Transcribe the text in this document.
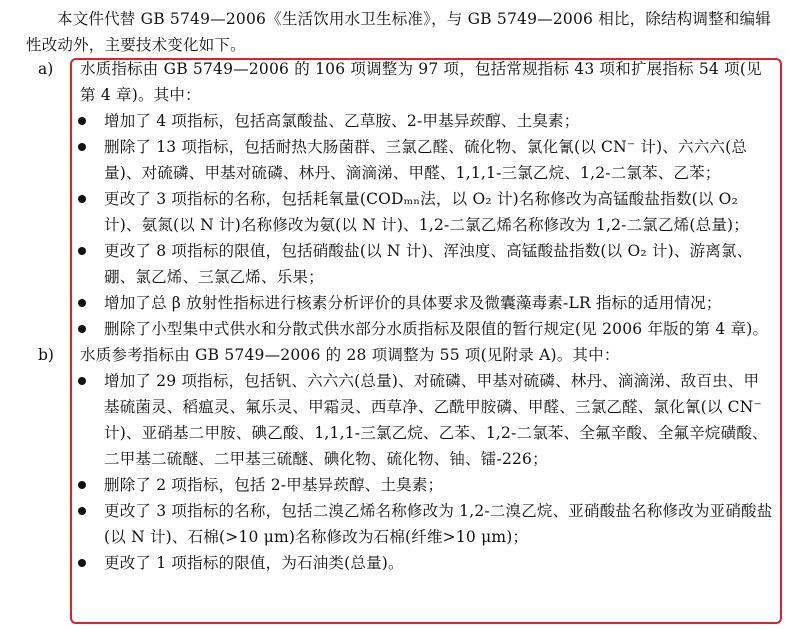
本文件代替 GB 5749—2006《生活饮用水卫生标准》，与 GB 5749—2006 相比，除结构调整和编辑性改动外，主要技术变化如下。
a)	水质指标由 GB 5749—2006 的 106 项调整为 97 项，包括常规指标 43 项和扩展指标 54 项(见第 4 章)。其中：
增加了 4 项指标，包括高氯酸盐、乙草胺、2-甲基异莰醇、土臭素；
删除了 13 项指标，包括耐热大肠菌群、三氯乙醛、硫化物、氯化氰(以 CN⁻ 计)、六六六(总量)、对硫磷、甲基对硫磷、林丹、滴滴涕、甲醛、1,1,1-三氯乙烷、1,2-二氯苯、乙苯；
更改了 3 项指标的名称，包括耗氧量(CODₘₙ法，以 O₂ 计)名称修改为高锰酸盐指数(以 O₂ 计)、氨氮(以 N 计)名称修改为氨(以 N 计)、1,2-二氯乙烯名称修改为 1,2-二氯乙烯(总量)；
更改了 8 项指标的限值，包括硝酸盐(以 N 计)、浑浊度、高锰酸盐指数(以 O₂ 计)、游离氯、硼、氯乙烯、三氯乙烯、乐果；
增加了总 β 放射性指标进行核素分析评价的具体要求及微囊藻毒素-LR 指标的适用情况；
删除了小型集中式供水和分散式供水部分水质指标及限值的暂行规定(见 2006 年版的第 4 章)。
b)	水质参考指标由 GB 5749—2006 的 28 项调整为 55 项(见附录 A)。其中：
增加了 29 项指标，包括钒、六六六(总量)、对硫磷、甲基对硫磷、林丹、滴滴涕、敌百虫、甲基硫菌灵、稻瘟灵、氟乐灵、甲霜灵、西草净、乙酰甲胺磷、甲醛、三氯乙醛、氯化氰(以 CN⁻ 计)、亚硝基二甲胺、碘乙酸、1,1,1-三氯乙烷、乙苯、1,2-二氯苯、全氟辛酸、全氟辛烷磺酸、二甲基二硫醚、二甲基三硫醚、碘化物、硫化物、铀、镭-226；
删除了 2 项指标，包括 2-甲基异莰醇、土臭素；
更改了 3 项指标的名称，包括二溴乙烯名称修改为 1,2-二溴乙烷、亚硝酸盐名称修改为亚硝酸盐(以 N 计)、石棉(>10 μm)名称修改为石棉(纤维>10 μm)；
更改了 1 项指标的限值，为石油类(总量)。
